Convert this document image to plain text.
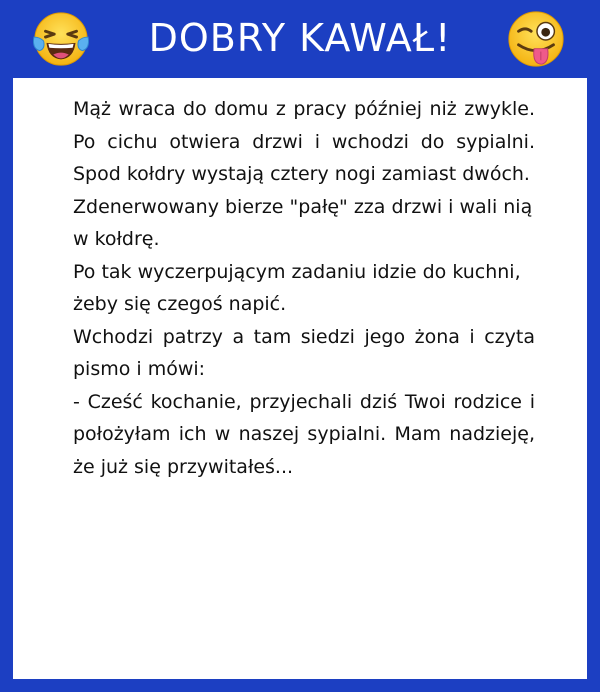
DOBRY KAWAŁ!

Mąż wraca do domu z pracy później niż zwykle. Po cichu otwiera drzwi i wchodzi do sypialni. Spod kołdry wystają cztery nogi zamiast dwóch.

Zdenerwowany bierze "pałę" zza drzwi i wali nią w kołdrę.

Po tak wyczerpującym zadaniu idzie do kuchni, żeby się czegoś napić.

Wchodzi patrzy a tam siedzi jego żona i czyta pismo i mówi:

- Cześć kochanie, przyjechali dziś Twoi rodzice i położyłam ich w naszej sypialni. Mam nadzieję, że już się przywitałeś...
